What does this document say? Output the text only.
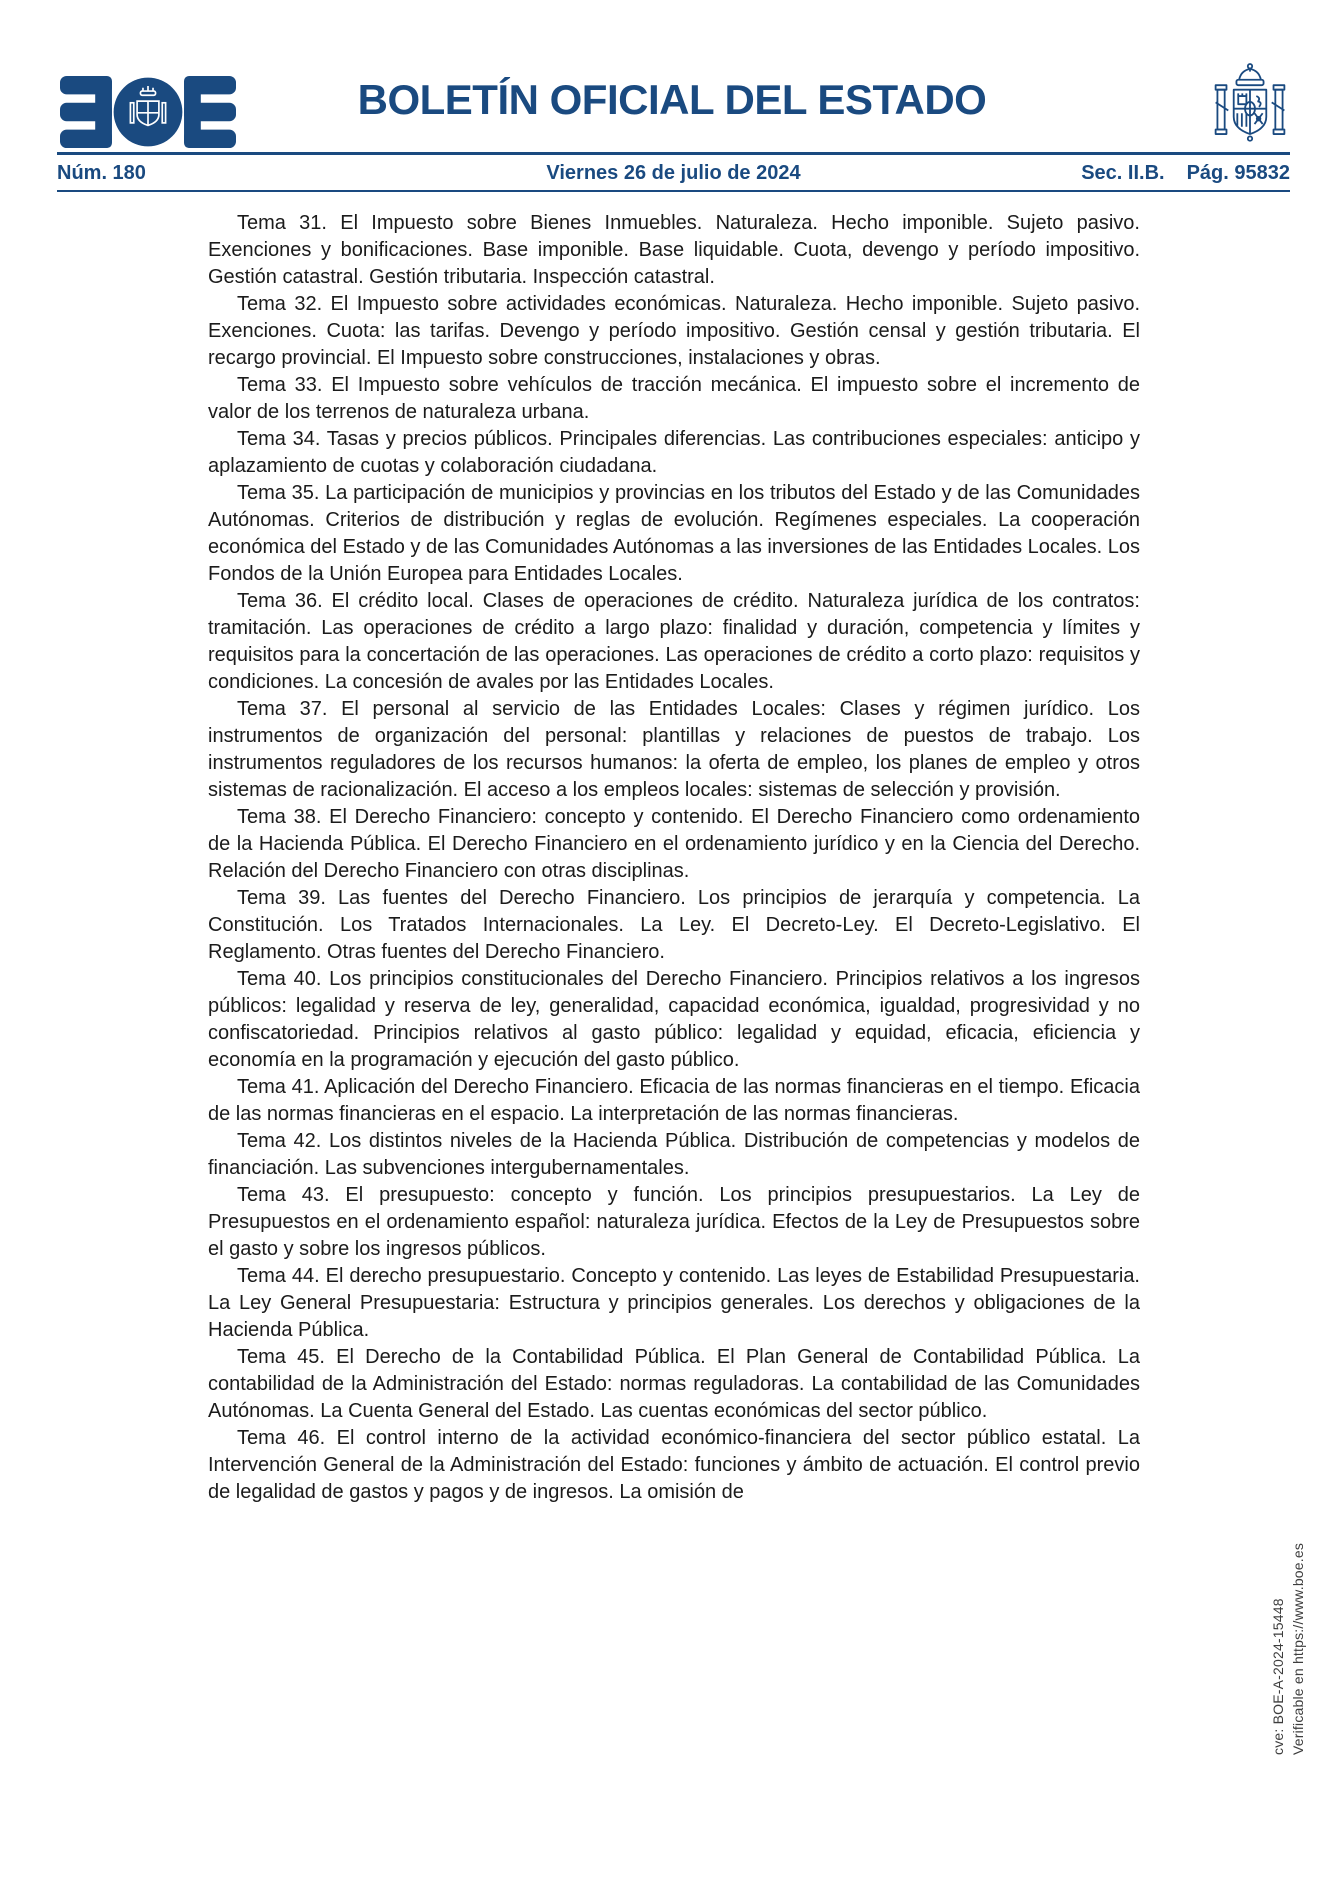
BOLETÍN OFICIAL DEL ESTADO
Núm. 180	Viernes 26 de julio de 2024	Sec. II.B. Pág. 95832

Tema 31. El Impuesto sobre Bienes Inmuebles. Naturaleza. Hecho imponible. Sujeto pasivo. Exenciones y bonificaciones. Base imponible. Base liquidable. Cuota, devengo y período impositivo. Gestión catastral. Gestión tributaria. Inspección catastral.

Tema 32. El Impuesto sobre actividades económicas. Naturaleza. Hecho imponible. Sujeto pasivo. Exenciones. Cuota: las tarifas. Devengo y período impositivo. Gestión censal y gestión tributaria. El recargo provincial. El Impuesto sobre construcciones, instalaciones y obras.

Tema 33. El Impuesto sobre vehículos de tracción mecánica. El impuesto sobre el incremento de valor de los terrenos de naturaleza urbana.

Tema 34. Tasas y precios públicos. Principales diferencias. Las contribuciones especiales: anticipo y aplazamiento de cuotas y colaboración ciudadana.

Tema 35. La participación de municipios y provincias en los tributos del Estado y de las Comunidades Autónomas. Criterios de distribución y reglas de evolución. Regímenes especiales. La cooperación económica del Estado y de las Comunidades Autónomas a las inversiones de las Entidades Locales. Los Fondos de la Unión Europea para Entidades Locales.

Tema 36. El crédito local. Clases de operaciones de crédito. Naturaleza jurídica de los contratos: tramitación. Las operaciones de crédito a largo plazo: finalidad y duración, competencia y límites y requisitos para la concertación de las operaciones. Las operaciones de crédito a corto plazo: requisitos y condiciones. La concesión de avales por las Entidades Locales.

Tema 37. El personal al servicio de las Entidades Locales: Clases y régimen jurídico. Los instrumentos de organización del personal: plantillas y relaciones de puestos de trabajo. Los instrumentos reguladores de los recursos humanos: la oferta de empleo, los planes de empleo y otros sistemas de racionalización. El acceso a los empleos locales: sistemas de selección y provisión.

Tema 38. El Derecho Financiero: concepto y contenido. El Derecho Financiero como ordenamiento de la Hacienda Pública. El Derecho Financiero en el ordenamiento jurídico y en la Ciencia del Derecho. Relación del Derecho Financiero con otras disciplinas.

Tema 39. Las fuentes del Derecho Financiero. Los principios de jerarquía y competencia. La Constitución. Los Tratados Internacionales. La Ley. El Decreto-Ley. El Decreto-Legislativo. El Reglamento. Otras fuentes del Derecho Financiero.

Tema 40. Los principios constitucionales del Derecho Financiero. Principios relativos a los ingresos públicos: legalidad y reserva de ley, generalidad, capacidad económica, igualdad, progresividad y no confiscatoriedad. Principios relativos al gasto público: legalidad y equidad, eficacia, eficiencia y economía en la programación y ejecución del gasto público.

Tema 41. Aplicación del Derecho Financiero. Eficacia de las normas financieras en el tiempo. Eficacia de las normas financieras en el espacio. La interpretación de las normas financieras.

Tema 42. Los distintos niveles de la Hacienda Pública. Distribución de competencias y modelos de financiación. Las subvenciones intergubernamentales.

Tema 43. El presupuesto: concepto y función. Los principios presupuestarios. La Ley de Presupuestos en el ordenamiento español: naturaleza jurídica. Efectos de la Ley de Presupuestos sobre el gasto y sobre los ingresos públicos.

Tema 44. El derecho presupuestario. Concepto y contenido. Las leyes de Estabilidad Presupuestaria. La Ley General Presupuestaria: Estructura y principios generales. Los derechos y obligaciones de la Hacienda Pública.

Tema 45. El Derecho de la Contabilidad Pública. El Plan General de Contabilidad Pública. La contabilidad de la Administración del Estado: normas reguladoras. La contabilidad de las Comunidades Autónomas. La Cuenta General del Estado. Las cuentas económicas del sector público.

Tema 46. El control interno de la actividad económico-financiera del sector público estatal. La Intervención General de la Administración del Estado: funciones y ámbito de actuación. El control previo de legalidad de gastos y pagos y de ingresos. La omisión de

cve: BOE-A-2024-15448 Verificable en https://www.boe.es
